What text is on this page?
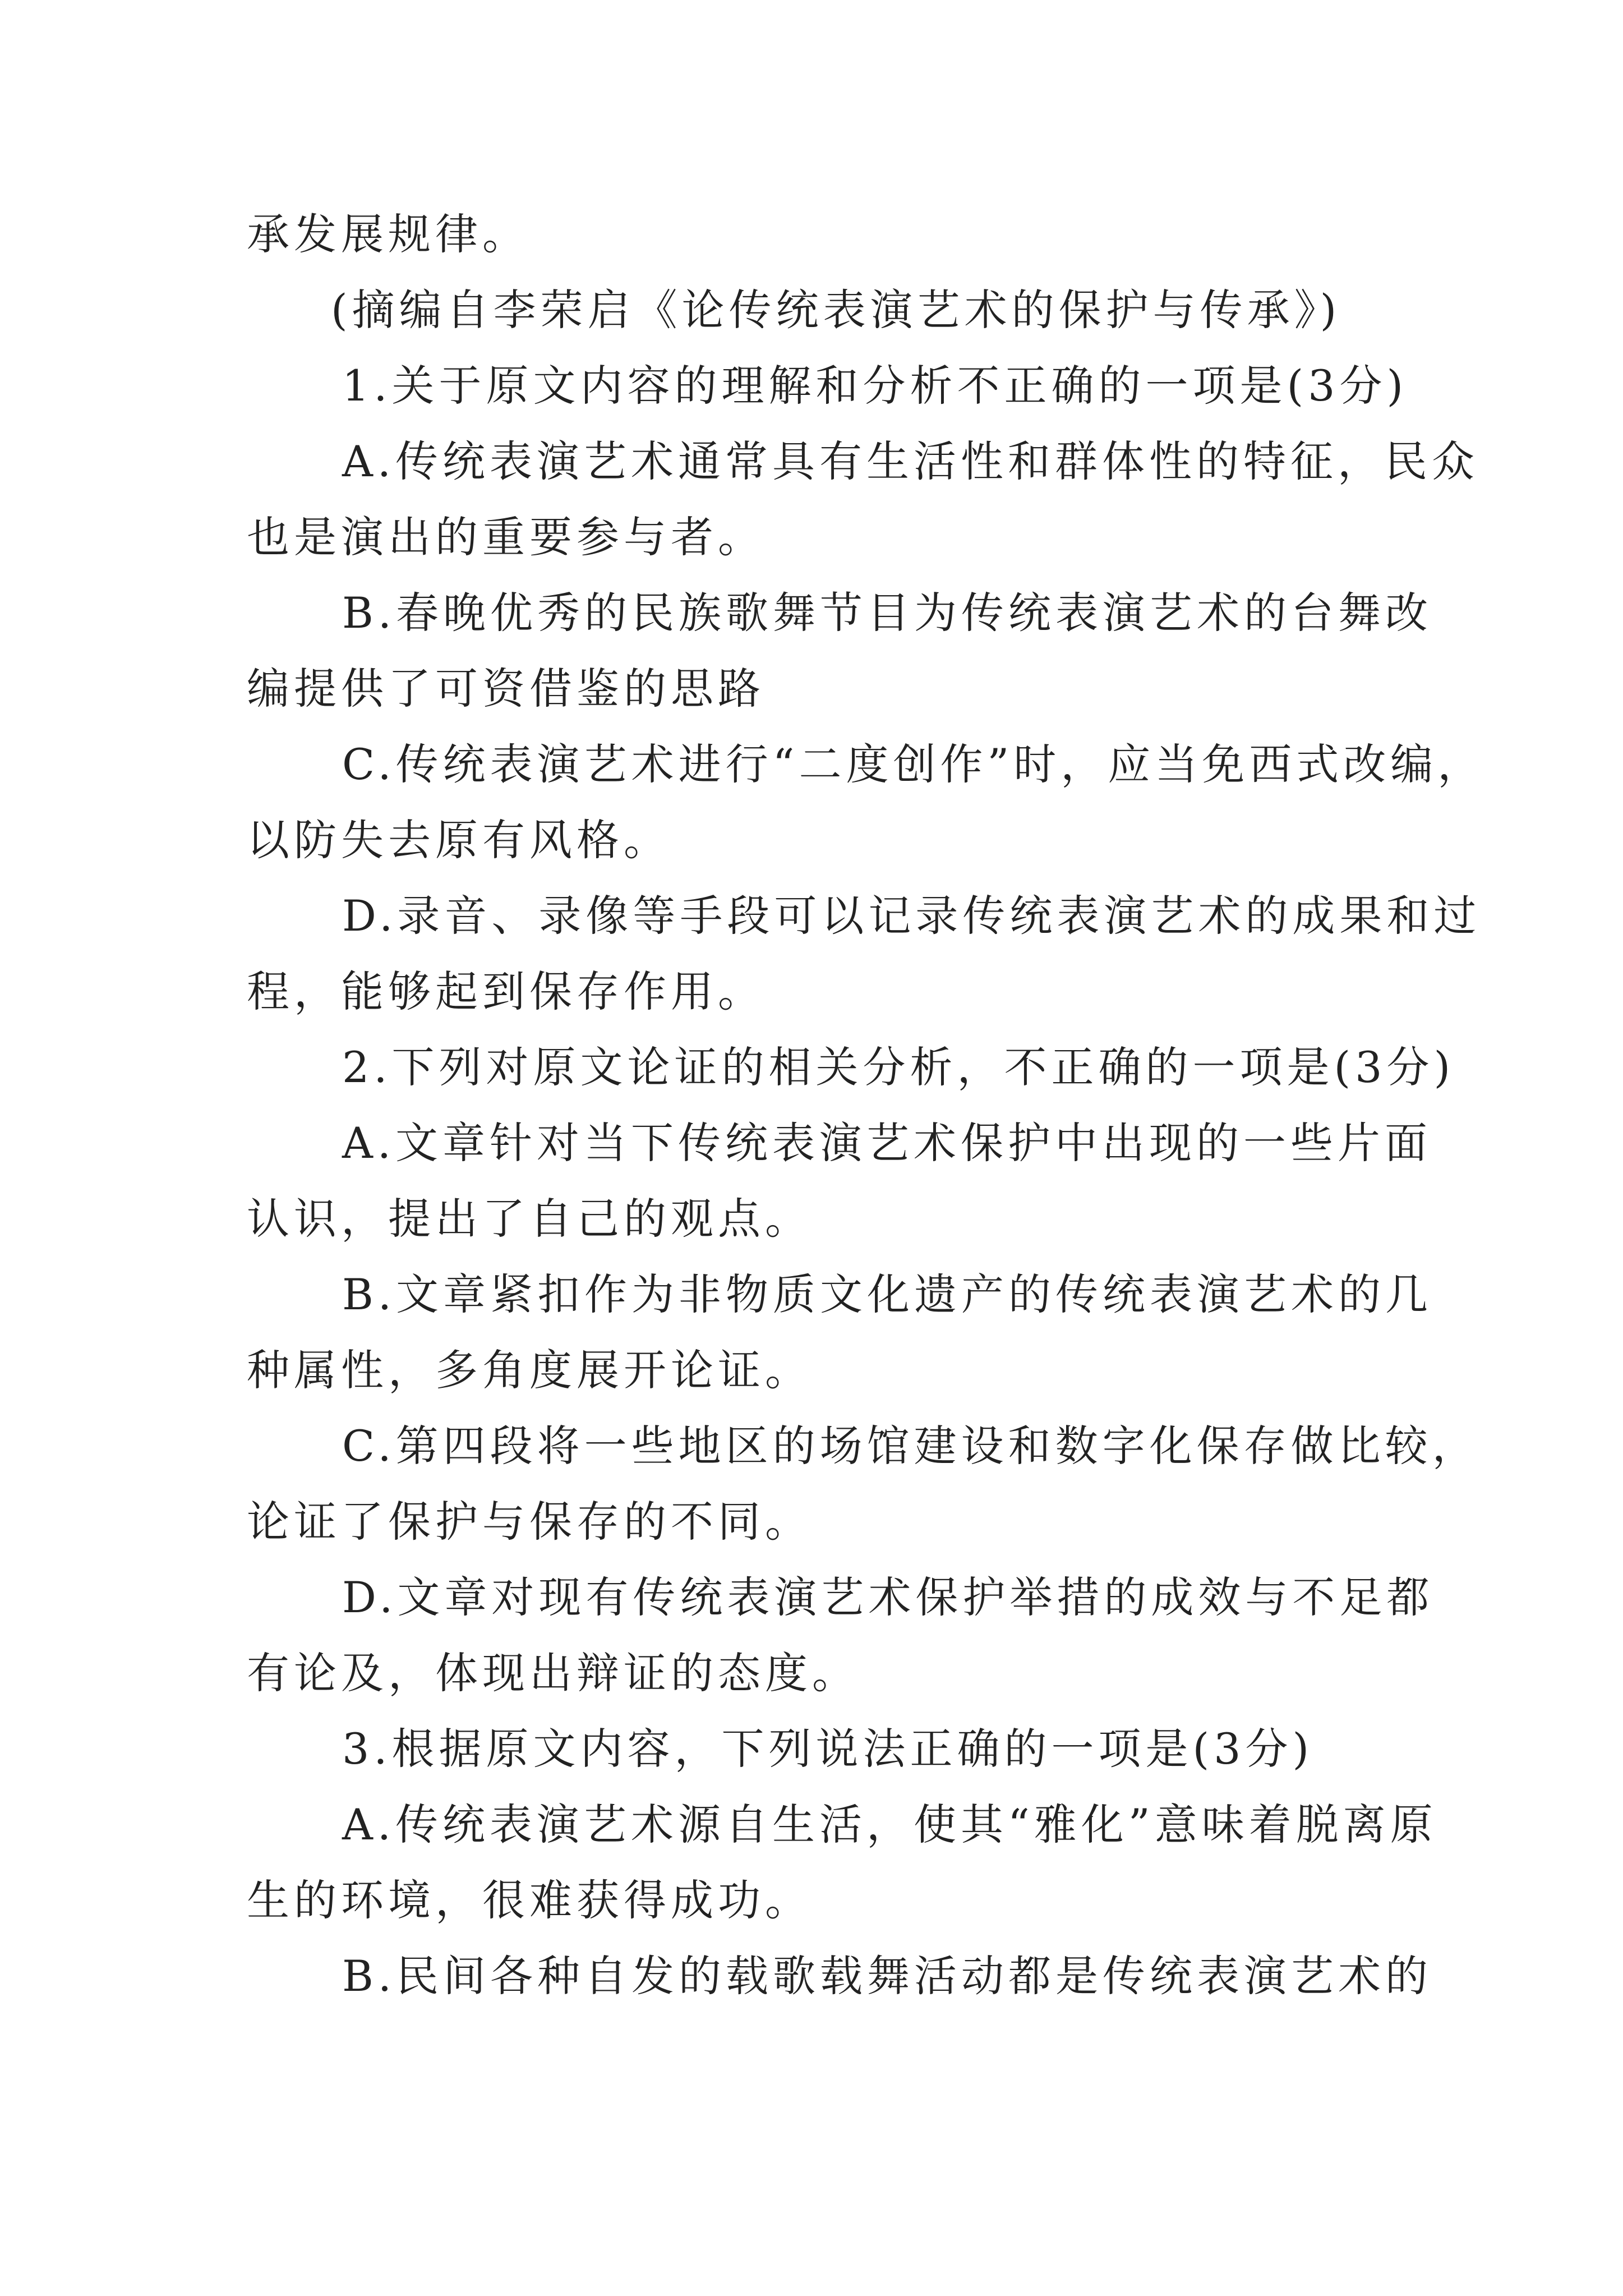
承发展规律。
(摘编自李荣启《论传统表演艺术的保护与传承》)
1.关于原文内容的理解和分析不正确的一项是(3分)
A.传统表演艺术通常具有生活性和群体性的特征，民众
也是演出的重要参与者。
B.春晚优秀的民族歌舞节目为传统表演艺术的台舞改
编提供了可资借鉴的思路
C.传统表演艺术进行“二度创作”时，应当免西式改编，
以防失去原有风格。
D.录音、录像等手段可以记录传统表演艺术的成果和过
程，能够起到保存作用。
2.下列对原文论证的相关分析，不正确的一项是(3分)
A.文章针对当下传统表演艺术保护中出现的一些片面
认识，提出了自己的观点。
B.文章紧扣作为非物质文化遗产的传统表演艺术的几
种属性，多角度展开论证。
C.第四段将一些地区的场馆建设和数字化保存做比较，
论证了保护与保存的不同。
D.文章对现有传统表演艺术保护举措的成效与不足都
有论及，体现出辩证的态度。
3.根据原文内容，下列说法正确的一项是(3分)
A.传统表演艺术源自生活，使其“雅化”意味着脱离原
生的环境，很难获得成功。
B.民间各种自发的载歌载舞活动都是传统表演艺术的
